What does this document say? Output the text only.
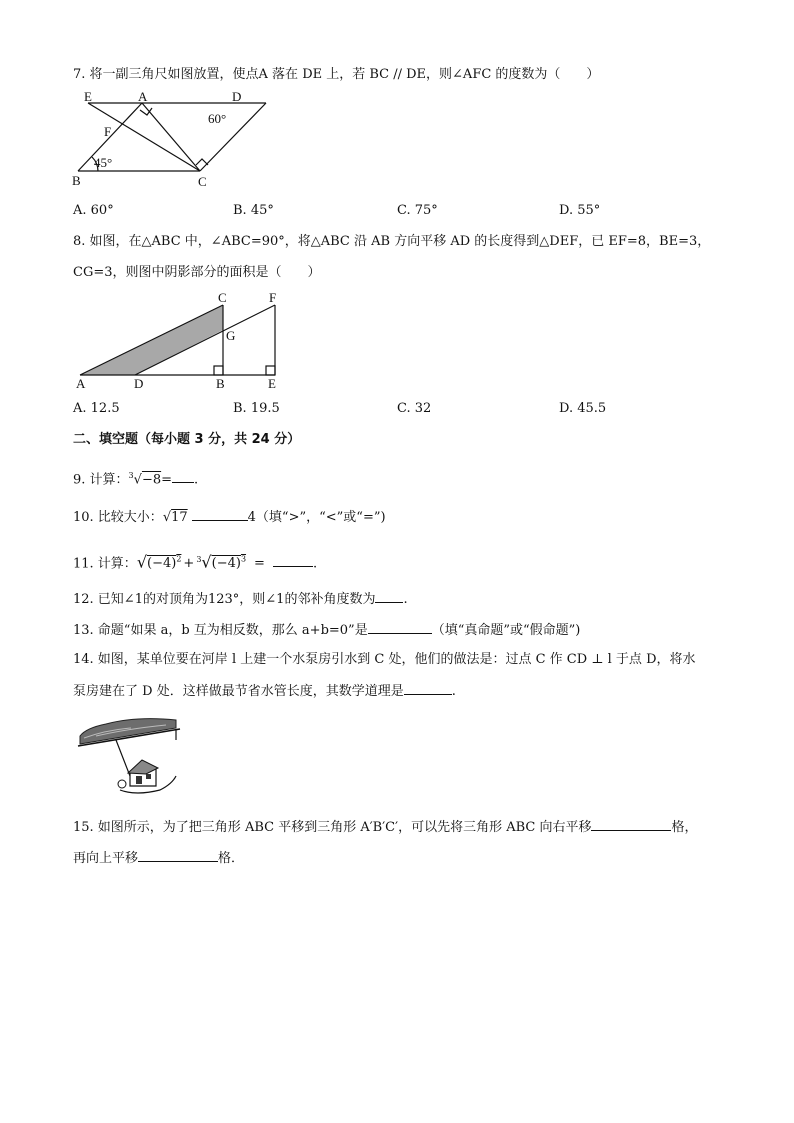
7. 将一副三角尺如图放置，使点A 落在 DE 上，若 BC // DE，则∠AFC 的度数为（　　）
E	A	D
F
B	C
60°
45°
A. 60°	B. 45°	C. 75°	D. 55°
8. 如图，在△ABC 中，∠ABC=90°，将△ABC 沿 AB 方向平移 AD 的长度得到△DEF，已 EF=8，BE=3，
CG=3，则图中阴影部分的面积是（　　）
A	D	B	E
C	F
G
A. 12.5	B. 19.5	C. 32	D. 45.5
二、填空题（每小题 3 分，共 24 分）
9. 计算：$^3$√−8= .
10. 比较大小：√17	4（填“>”，“<”或“=”)
11. 计算：$√(-4)^2 + ^3√(-4)^3$ =	.
12. 已知∠1的对顶角为123°，则∠1的邻补角度数为 .
13. 命题“如果 a，b 互为相反数，那么 a+b=0”是	（填“真命题”或“假命题”)
14. 如图，某单位要在河岸 l 上建一个水泵房引水到 C 处，他们的做法是：过点 C 作 CD ⊥ l 于点 D，将水
泵房建在了 D 处．这样做最节省水管长度，其数学道理是	.
15. 如图所示，为了把三角形 ABC 平移到三角形 A′B′C′，可以先将三角形 ABC 向右平移	格，
再向上平移	格．
